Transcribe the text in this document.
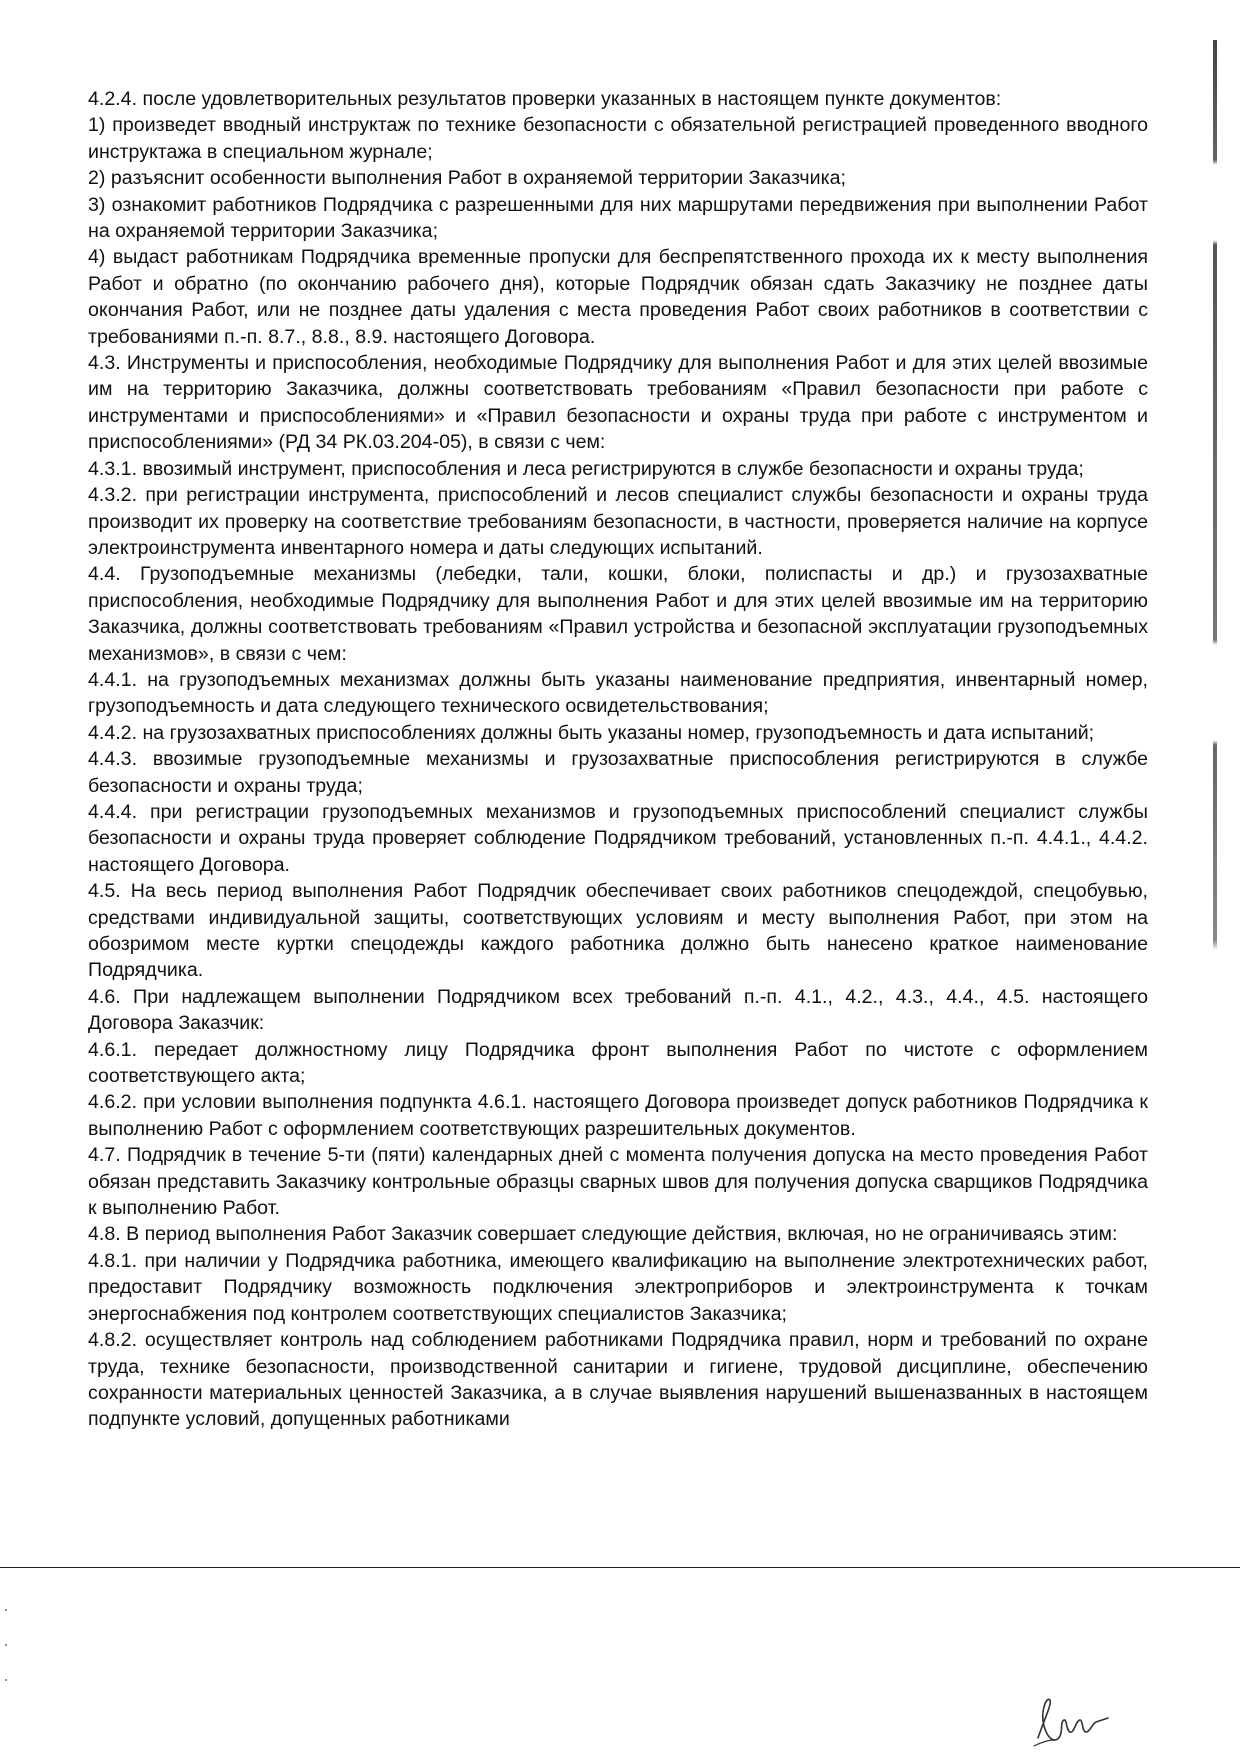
4.2.4. после удовлетворительных результатов проверки указанных в настоящем пункте документов:

1) произведет вводный инструктаж по технике безопасности с обязательной регистрацией проведенного вводного инструктажа в специальном журнале;

2) разъяснит особенности выполнения Работ в охраняемой территории Заказчика;

3) ознакомит работников Подрядчика с разрешенными для них маршрутами передвижения при выполнении Работ на охраняемой территории Заказчика;

4) выдаст работникам Подрядчика временные пропуски для беспрепятственного прохода их к месту выполнения Работ и обратно (по окончанию рабочего дня), которые Подрядчик обязан сдать Заказчику не позднее даты окончания Работ, или не позднее даты удаления с места проведения Работ своих работников в соответствии с требованиями п.-п. 8.7., 8.8., 8.9. настоящего Договора.

4.3. Инструменты и приспособления, необходимые Подрядчику для выполнения Работ и для этих целей ввозимые им на территорию Заказчика, должны соответствовать требованиям «Правил безопасности при работе с инструментами и приспособлениями» и «Правил безопасности и охраны труда при работе с инструментом и приспособлениями» (РД 34 РК.03.204-05), в связи с чем:

4.3.1. ввозимый инструмент, приспособления и леса регистрируются в службе безопасности и охраны труда;

4.3.2. при регистрации инструмента, приспособлений и лесов специалист службы безопасности и охраны труда производит их проверку на соответствие требованиям безопасности, в частности, проверяется наличие на корпусе электроинструмента инвентарного номера и даты следующих испытаний.

4.4. Грузоподъемные механизмы (лебедки, тали, кошки, блоки, полиспасты и др.) и грузозахватные приспособления, необходимые Подрядчику для выполнения Работ и для этих целей ввозимые им на территорию Заказчика, должны соответствовать требованиям «Правил устройства и безопасной эксплуатации грузоподъемных механизмов», в связи с чем:

4.4.1. на грузоподъемных механизмах должны быть указаны наименование предприятия, инвентарный номер, грузоподъемность и дата следующего технического освидетельствования;

4.4.2. на грузозахватных приспособлениях должны быть указаны номер, грузоподъемность и дата испытаний;

4.4.3. ввозимые грузоподъемные механизмы и грузозахватные приспособления регистрируются в службе безопасности и охраны труда;

4.4.4. при регистрации грузоподъемных механизмов и грузоподъемных приспособлений специалист службы безопасности и охраны труда проверяет соблюдение Подрядчиком требований, установленных п.-п. 4.4.1., 4.4.2. настоящего Договора.

4.5. На весь период выполнения Работ Подрядчик обеспечивает своих работников спецодеждой, спецобувью, средствами индивидуальной защиты, соответствующих условиям и месту выполнения Работ, при этом на обозримом месте куртки спецодежды каждого работника должно быть нанесено краткое наименование Подрядчика.

4.6. При надлежащем выполнении Подрядчиком всех требований п.-п. 4.1., 4.2., 4.3., 4.4., 4.5. настоящего Договора Заказчик:

4.6.1. передает должностному лицу Подрядчика фронт выполнения Работ по чистоте с оформлением соответствующего акта;

4.6.2. при условии выполнения подпункта 4.6.1. настоящего Договора произведет допуск работников Подрядчика к выполнению Работ с оформлением соответствующих разрешительных документов.

4.7. Подрядчик в течение 5-ти (пяти) календарных дней с момента получения допуска на место проведения Работ обязан представить Заказчику контрольные образцы сварных швов для получения допуска сварщиков Подрядчика к выполнению Работ.

4.8. В период выполнения Работ Заказчик совершает следующие действия, включая, но не ограничиваясь этим:

4.8.1. при наличии у Подрядчика работника, имеющего квалификацию на выполнение электротехнических работ, предоставит Подрядчику возможность подключения электроприборов и электроинструмента к точкам энергоснабжения под контролем соответствующих специалистов Заказчика;

4.8.2. осуществляет контроль над соблюдением работниками Подрядчика правил, норм и требований по охране труда, технике безопасности, производственной санитарии и гигиене, трудовой дисциплине, обеспечению сохранности материальных ценностей Заказчика, а в случае выявления нарушений вышеназванных в настоящем подпункте условий, допущенных работниками
